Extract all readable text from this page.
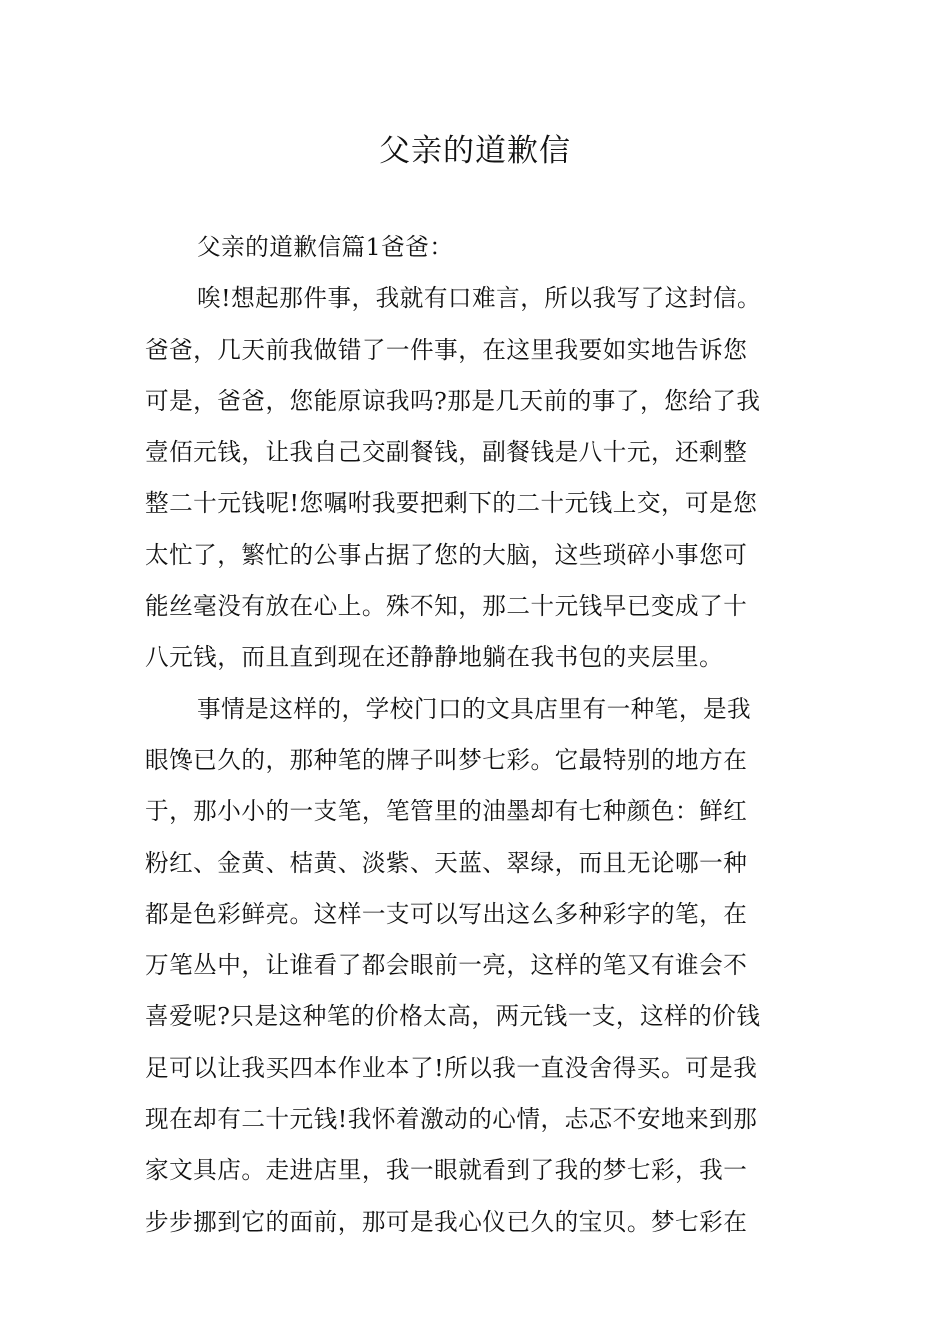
父亲的道歉信
父亲的道歉信篇1爸爸：
唉!想起那件事，我就有口难言，所以我写了这封信。
爸爸，几天前我做错了一件事，在这里我要如实地告诉您
可是，爸爸，您能原谅我吗?那是几天前的事了，您给了我
壹佰元钱，让我自己交副餐钱，副餐钱是八十元，还剩整
整二十元钱呢!您嘱咐我要把剩下的二十元钱上交，可是您
太忙了，繁忙的公事占据了您的大脑，这些琐碎小事您可
能丝毫没有放在心上。殊不知，那二十元钱早已变成了十
八元钱，而且直到现在还静静地躺在我书包的夹层里。
事情是这样的，学校门口的文具店里有一种笔，是我
眼馋已久的，那种笔的牌子叫梦七彩。它最特别的地方在
于，那小小的一支笔，笔管里的油墨却有七种颜色：鲜红
粉红、金黄、桔黄、淡紫、天蓝、翠绿，而且无论哪一种
都是色彩鲜亮。这样一支可以写出这么多种彩字的笔，在
万笔丛中，让谁看了都会眼前一亮，这样的笔又有谁会不
喜爱呢?只是这种笔的价格太高，两元钱一支，这样的价钱
足可以让我买四本作业本了!所以我一直没舍得买。可是我
现在却有二十元钱!我怀着激动的心情，忐忑不安地来到那
家文具店。走进店里，我一眼就看到了我的梦七彩，我一
步步挪到它的面前，那可是我心仪已久的宝贝。梦七彩在
